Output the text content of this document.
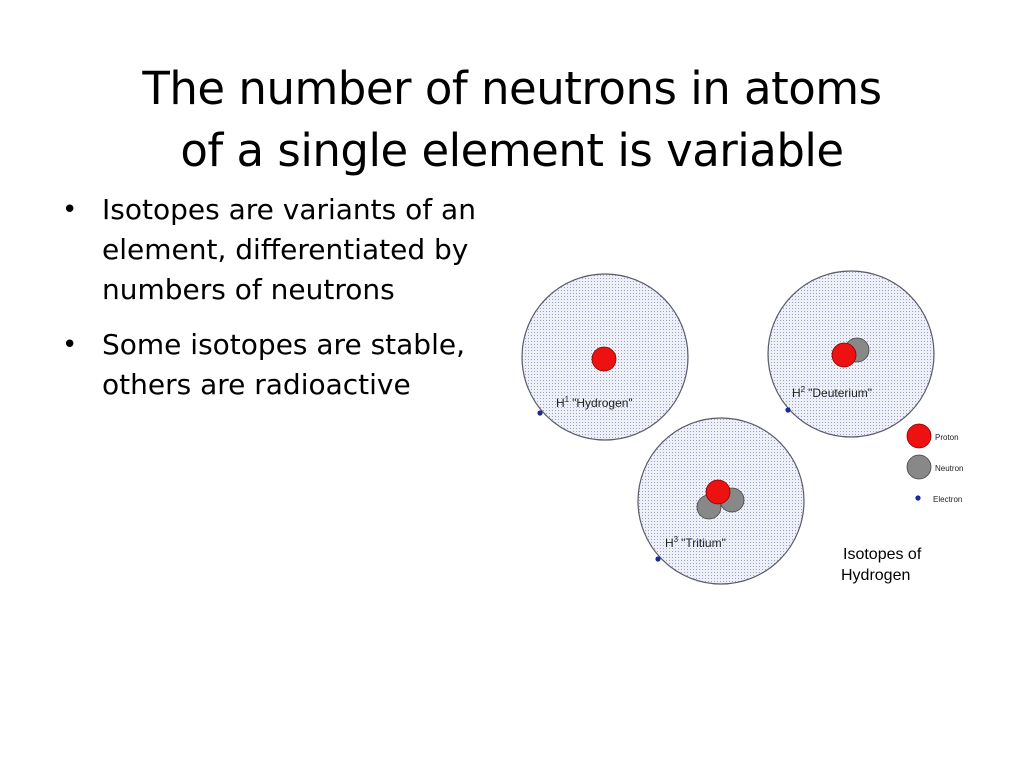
The number of neutrons in atoms
of a single element is variable
• Isotopes are variants of an element, differentiated by numbers of neutrons
• Some isotopes are stable, others are radioactive
$H^1$ "Hydrogen"
$H^2$ "Deuterium"
$H^3$ "Tritium"
Proton
Neutron
Electron
Isotopes of
Hydrogen
